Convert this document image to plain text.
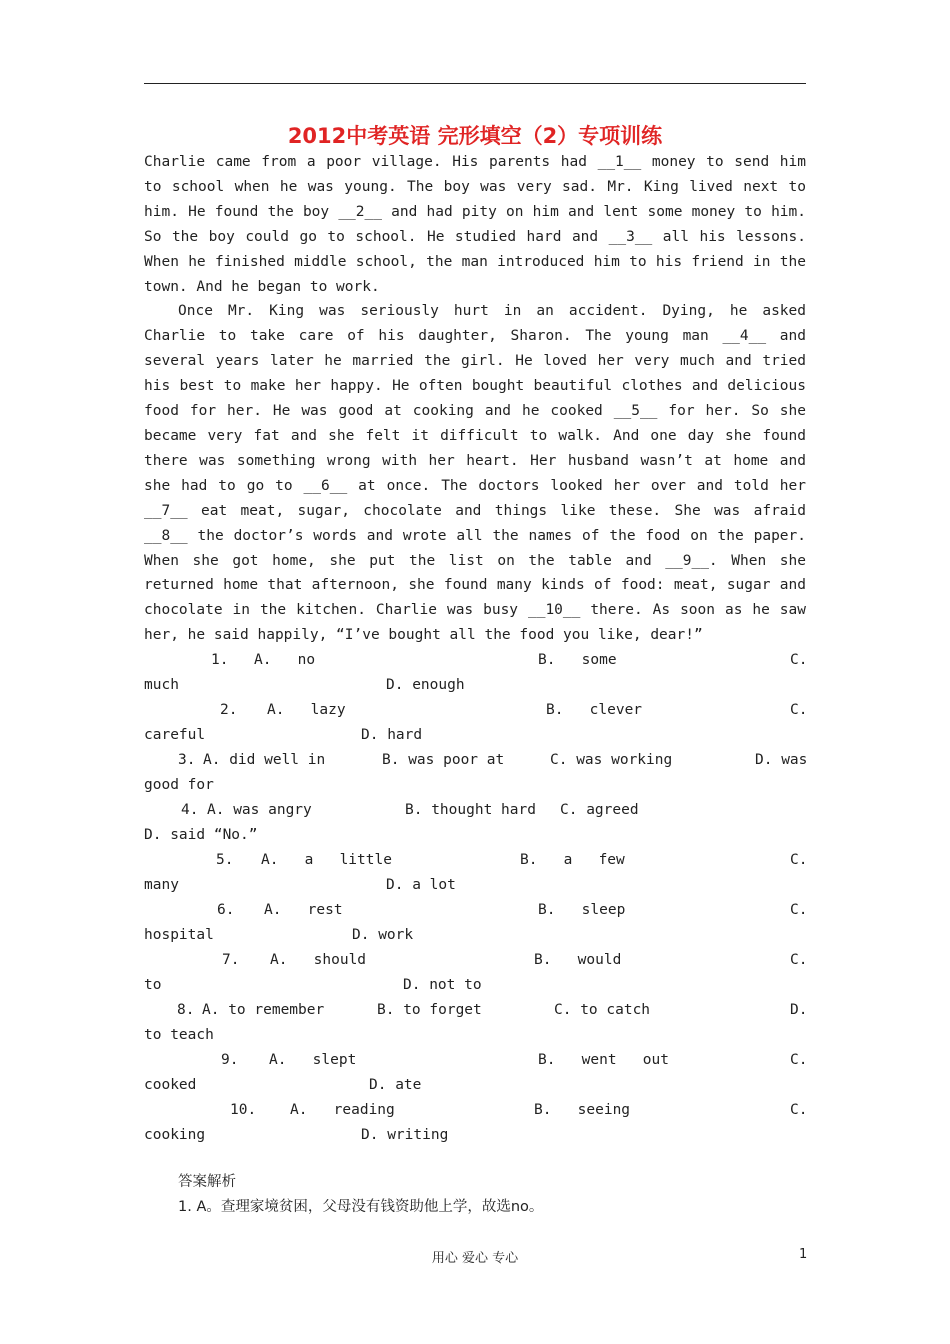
2012中考英语 完形填空（2）专项训练

Charlie came from a poor village. His parents had __1__ money to send him to school when he was young. The boy was very sad. Mr. King lived next to him. He found the boy __2__ and had pity on him and lent some money to him. So the boy could go to school. He studied hard and __3__ all his lessons. When he finished middle school, the man introduced him to his friend in the town. And he began to work.

Once Mr. King was seriously hurt in an accident. Dying, he asked Charlie to take care of his daughter, Sharon. The young man __4__ and several years later he married the girl. He loved her very much and tried his best to make her happy. He often bought beautiful clothes and delicious food for her. He was good at cooking and he cooked __5__ for her. So she became very fat and she felt it difficult to walk. And one day she found there was something wrong with her heart. Her husband wasn’t at home and she had to go to __6__ at once. The doctors looked her over and told her __7__ eat meat, sugar, chocolate and things like these. She was afraid __8__ the doctor’s words and wrote all the names of the food on the paper. When she got home, she put the list on the table and __9__. When she returned home that afternoon, she found many kinds of food: meat, sugar and chocolate in the kitchen. Charlie was busy __10__ there. As soon as he saw her, he said happily, “I’ve bought all the food you like, dear!”

1. A.   no	B.   some	C.
much	D. enough
2. A.   lazy	B.   clever	C.
careful	D. hard
3. A. did well in	B. was poor at	C. was working	D. was
good for
4. A. was angry	B. thought hard C. agreed
D. said “No.”
5. A.   a   little	B.   a   few	C.
many	D. a lot
6. A.   rest	B.   sleep	C.
hospital	D. work
7. A.   should	B.   would	C.
to	D. not to
8. A. to remember	B. to forget	C. to catch	D.
to teach
9. A.   slept	B.   went   out	C.
cooked	D. ate
10. A.   reading	B.   seeing	C.
cooking	D. writing
答案解析
1. A。查理家境贫困，父母没有钱资助他上学，故选no。
用心 爱心 专心	1
